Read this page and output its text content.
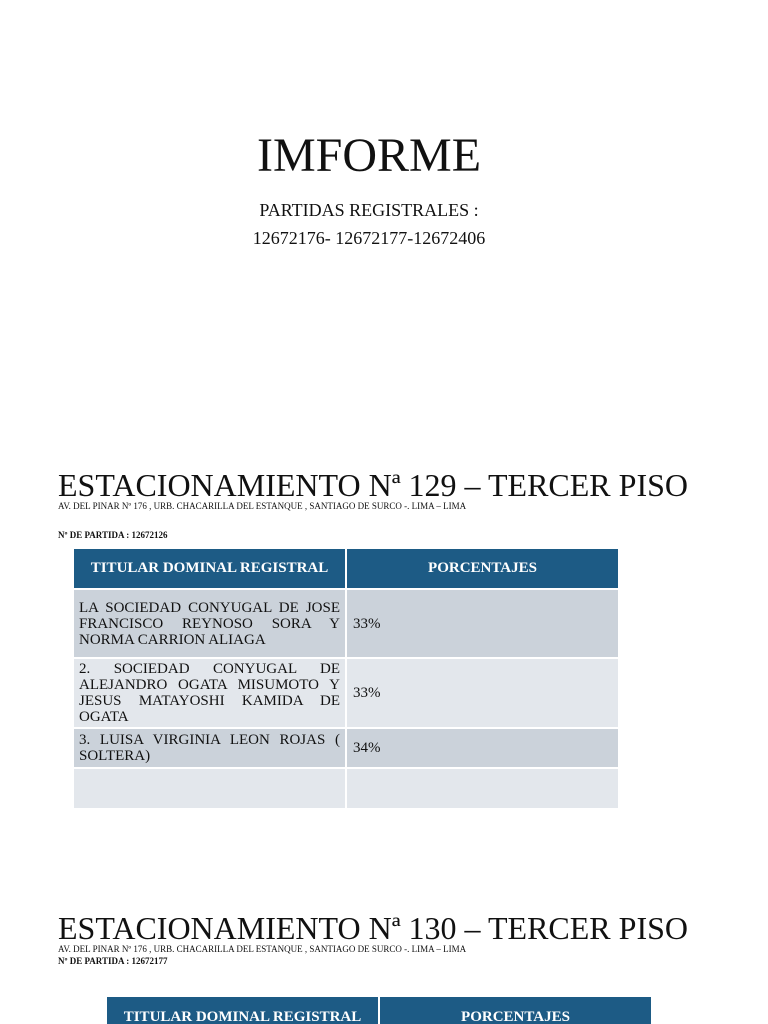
IMFORME
PARTIDAS REGISTRALES :
12672176- 12672177-12672406
ESTACIONAMIENTO Nª 129 – TERCER PISO
AV. DEL PINAR Nº 176 , URB. CHACARILLA DEL ESTANQUE , SANTIAGO DE SURCO -. LIMA – LIMA
Nº DE PARTIDA : 12672126
TITULAR DOMINAL REGISTRAL	PORCENTAJES
LA SOCIEDAD CONYUGAL DE JOSE FRANCISCO REYNOSO SORA Y NORMA CARRION ALIAGA	33%
2. SOCIEDAD CONYUGAL DE ALEJANDRO OGATA MISUMOTO Y JESUS MATAYOSHI KAMIDA DE OGATA	33%
3. LUISA VIRGINIA LEON ROJAS ( SOLTERA)	34%

ESTACIONAMIENTO Nª 130 – TERCER PISO
AV. DEL PINAR Nº 176 , URB. CHACARILLA DEL ESTANQUE , SANTIAGO DE SURCO -. LIMA – LIMA
Nº DE PARTIDA : 12672177
TITULAR DOMINAL REGISTRAL	PORCENTAJES
